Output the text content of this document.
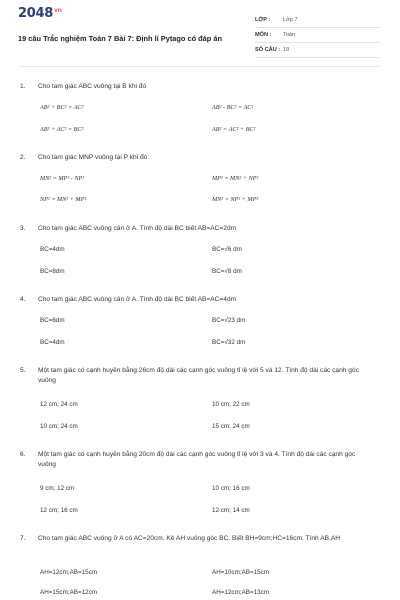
$2048^{vn}$
19 câu Trắc nghiệm Toán 7 Bài 7: Định lí Pytago có đáp án
LỚP :	Lớp 7
MÔN :	Toán
SỐ CÂU : 19
1. Cho tam giác ABC vuông tại B khi đó
AB² + BC² = AC²	AB² - BC² = AC²
AB² + AC² = BC²	AB² = AC² + BC²
2. Cho tam giác MNP vuông tại P khi đó:
MN² = MP² - NP²	MP² = MN² + NP²
NP² = MN² + MP²	MN² = NP² + MP²
3. Cho tam giác ABC vuông cân ở A. Tính độ dài BC biết AB=AC=2dm
BC=4dm	BC=√6 dm
BC=8dm	BC=√8 dm
4. Cho tam giác ABC vuông cân ở A. Tính độ dài BC biết AB=AC=4dm
BC=6dm	BC=√23 dm
BC=4dm	BC=√32 dm
5. Một tam giác có cạnh huyền bằng 26cm độ dài các cạnh góc vuông tỉ lệ với 5 và 12. Tính độ dài các cạnh góc vuông
12 cm; 24 cm	10 cm; 22 cm
10 cm; 24 cm	15 cm; 24 cm
6. Một tam giác có cạnh huyền bằng 20cm độ dài các cạnh góc vuông tỉ lệ với 3 và 4. Tính độ dài các cạnh góc vuông
9 cm; 12 cm	10 cm; 16 cm
12 cm; 16 cm	12 cm; 14 cm
7. Cho tam giác ABC vuông ở A có AC=20cm. Kẻ AH vuông góc BC. Biết BH=9cm;HC=16cm. Tính AB,AH
AH=12cm;AB=15cm	AH=10cm;AB=15cm
AH=15cm;AB=12cm	AH=12cm;AB=13cm
